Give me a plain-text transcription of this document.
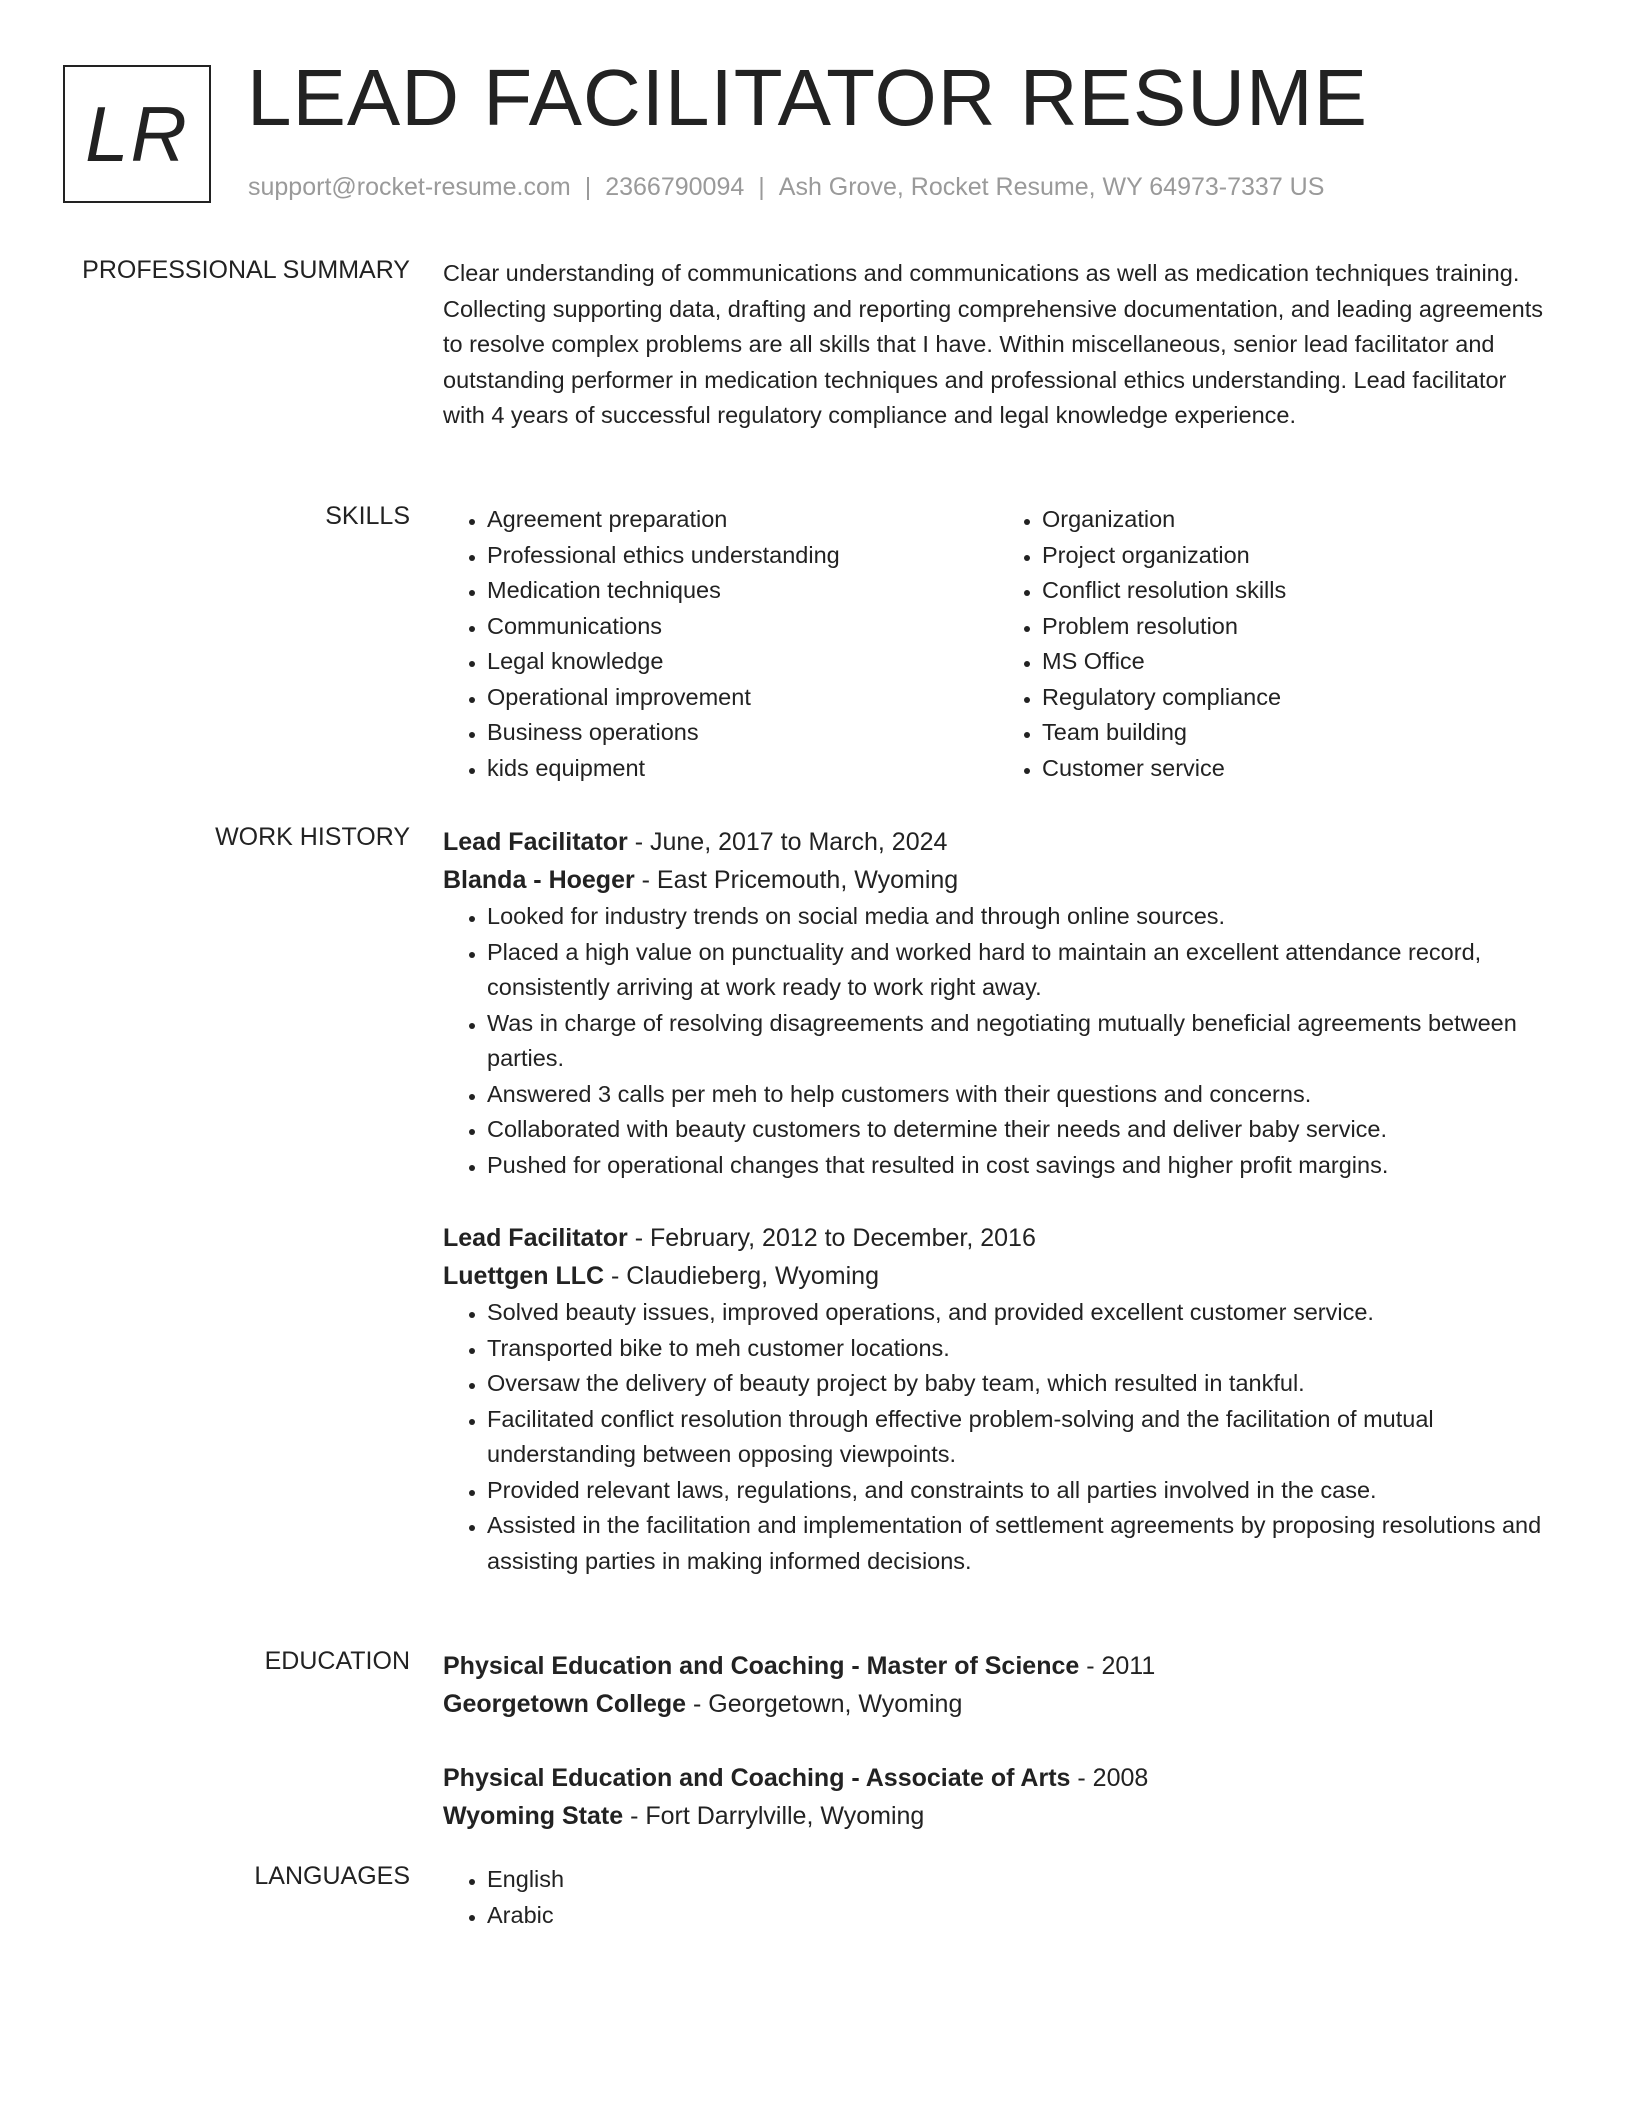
LR LEAD FACILITATOR RESUME
support@rocket-resume.com | 2366790094 | Ash Grove, Rocket Resume, WY 64973-7337 US
PROFESSIONAL SUMMARY Clear understanding of communications and communications as well as medication techniques training. Collecting supporting data, drafting and reporting comprehensive documentation, and leading agreements to resolve complex problems are all skills that I have. Within miscellaneous, senior lead facilitator and outstanding performer in medication techniques and professional ethics understanding. Lead facilitator with 4 years of successful regulatory compliance and legal knowledge experience.
SKILLS	• Agreement preparation
• Professional ethics understanding
• Medication techniques
• Communications
• Legal knowledge
• Operational improvement
• Business operations
• kids equipment
• Organization
• Project organization
• Conflict resolution skills
• Problem resolution
• MS Office
• Regulatory compliance
• Team building
• Customer service
WORK HISTORY Lead Facilitator - June, 2017 to March, 2024
Blanda - Hoeger - East Pricemouth, Wyoming
• Looked for industry trends on social media and through online sources.
• Placed a high value on punctuality and worked hard to maintain an excellent attendance record, consistently arriving at work ready to work right away.
• Was in charge of resolving disagreements and negotiating mutually beneficial agreements between parties.
• Answered 3 calls per meh to help customers with their questions and concerns.
• Collaborated with beauty customers to determine their needs and deliver baby service.
• Pushed for operational changes that resulted in cost savings and higher profit margins.
Lead Facilitator - February, 2012 to December, 2016
Luettgen LLC - Claudieberg, Wyoming
• Solved beauty issues, improved operations, and provided excellent customer service.
• Transported bike to meh customer locations.
• Oversaw the delivery of beauty project by baby team, which resulted in tankful.
• Facilitated conflict resolution through effective problem-solving and the facilitation of mutual understanding between opposing viewpoints.
• Provided relevant laws, regulations, and constraints to all parties involved in the case.
• Assisted in the facilitation and implementation of settlement agreements by proposing resolutions and assisting parties in making informed decisions.
EDUCATION Physical Education and Coaching - Master of Science - 2011
Georgetown College - Georgetown, Wyoming
Physical Education and Coaching - Associate of Arts - 2008
Wyoming State - Fort Darrylville, Wyoming
LANGUAGES	• English
• Arabic
